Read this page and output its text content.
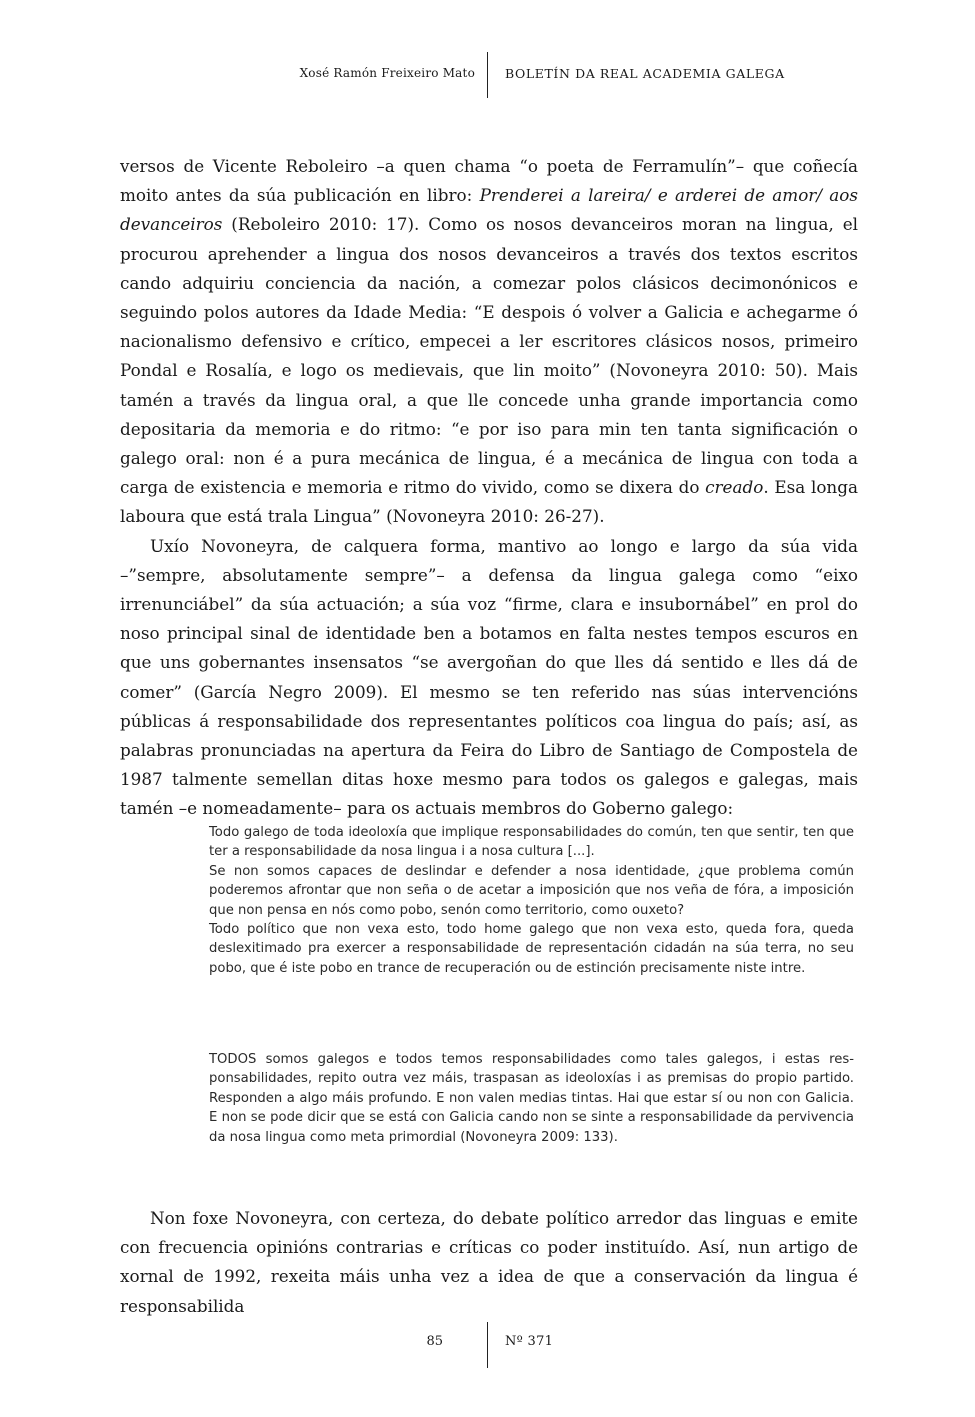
Xosé Ramón Freixeiro Mato BOLETÍN DA REAL ACADEMIA GALEGA

versos de Vicente Reboleiro –a quen chama “o poeta de Ferramulín”– que coñecía moito antes da súa publicación en libro: Prenderei a lareira/ e arderei de amor/ aos devanceiros (Reboleiro 2010: 17). Como os nosos devanceiros moran na lingua, el procurou aprehender a lingua dos nosos devanceiros a través dos textos escritos cando adquiriu conciencia da nación, a comezar polos clásicos decimonónicos e seguindo polos autores da Idade Media: “E despois ó volver a Galicia e achegarme ó nacionalismo defensivo e crítico, empecei a ler escritores clásicos nosos, primeiro Pondal e Rosalía, e logo os medievais, que lin moito” (Novoneyra 2010: 50). Mais tamén a través da lingua oral, a que lle concede unha grande importancia como depositaria da memoria e do ritmo: “e por iso para min ten tanta significación o galego oral: non é a pura mecánica de lingua, é a mecánica de lingua con toda a carga de existencia e memoria e ritmo do vivido, como se dixera do creado. Esa longa laboura que está trala Lingua” (Novoneyra 2010: 26-27).

Uxío Novoneyra, de calquera forma, mantivo ao longo e largo da súa vida –”sempre, absolutamente sempre”– a defensa da lingua galega como “eixo irrenunciábel” da súa actuación; a súa voz “firme, clara e insubornábel” en prol do noso principal sinal de identidade ben a botamos en falta nestes tempos escuros en que uns gobernantes insensatos “se avergoñan do que lles dá sentido e lles dá de comer” (García Negro 2009). El mesmo se ten referido nas súas intervencións públicas á responsabilidade dos representantes políticos coa lingua do país; así, as palabras pronunciadas na apertura da Feira do Libro de Santiago de Compostela de 1987 talmente semellan ditas hoxe mesmo para todos os galegos e galegas, mais tamén –e nomeadamente– para os actuais membros do Goberno galego:

Todo galego de toda ideoloxía que implique responsabilidades do común, ten que sentir, ten que ter a responsabilidade da nosa lingua i a nosa cultura [...].

Se non somos capaces de deslindar e defender a nosa identidade, ¿que problema común poderemos afrontar que non seña o de acetar a imposición que nos veña de fóra, a imposición que non pensa en nós como pobo, senón como territorio, como ouxeto?

Todo político que non vexa esto, todo home galego que non vexa esto, queda fora, queda deslexitimado pra exercer a responsabilidade de representación cidadán na súa terra, no seu pobo, que é iste pobo en trance de recuperación ou de estinción precisamente niste intre.

TODOS somos galegos e todos temos responsabilidades como tales galegos, i estas responsabilidades, repito outra vez máis, traspasan as ideoloxías i as premisas do propio partido. Responden a algo máis profundo. E non valen medias tintas. Hai que estar sí ou non con Galicia. E non se pode dicir que se está con Galicia cando non se sinte a responsabilidade da pervivencia da nosa lingua como meta primordial (Novoneyra 2009: 133).

Non foxe Novoneyra, con certeza, do debate político arredor das linguas e emite con frecuencia opinións contrarias e críticas co poder instituído. Así, nun artigo de xornal de 1992, rexeita máis unha vez a idea de que a conservación da lingua é responsabilida

85	Nº 371
